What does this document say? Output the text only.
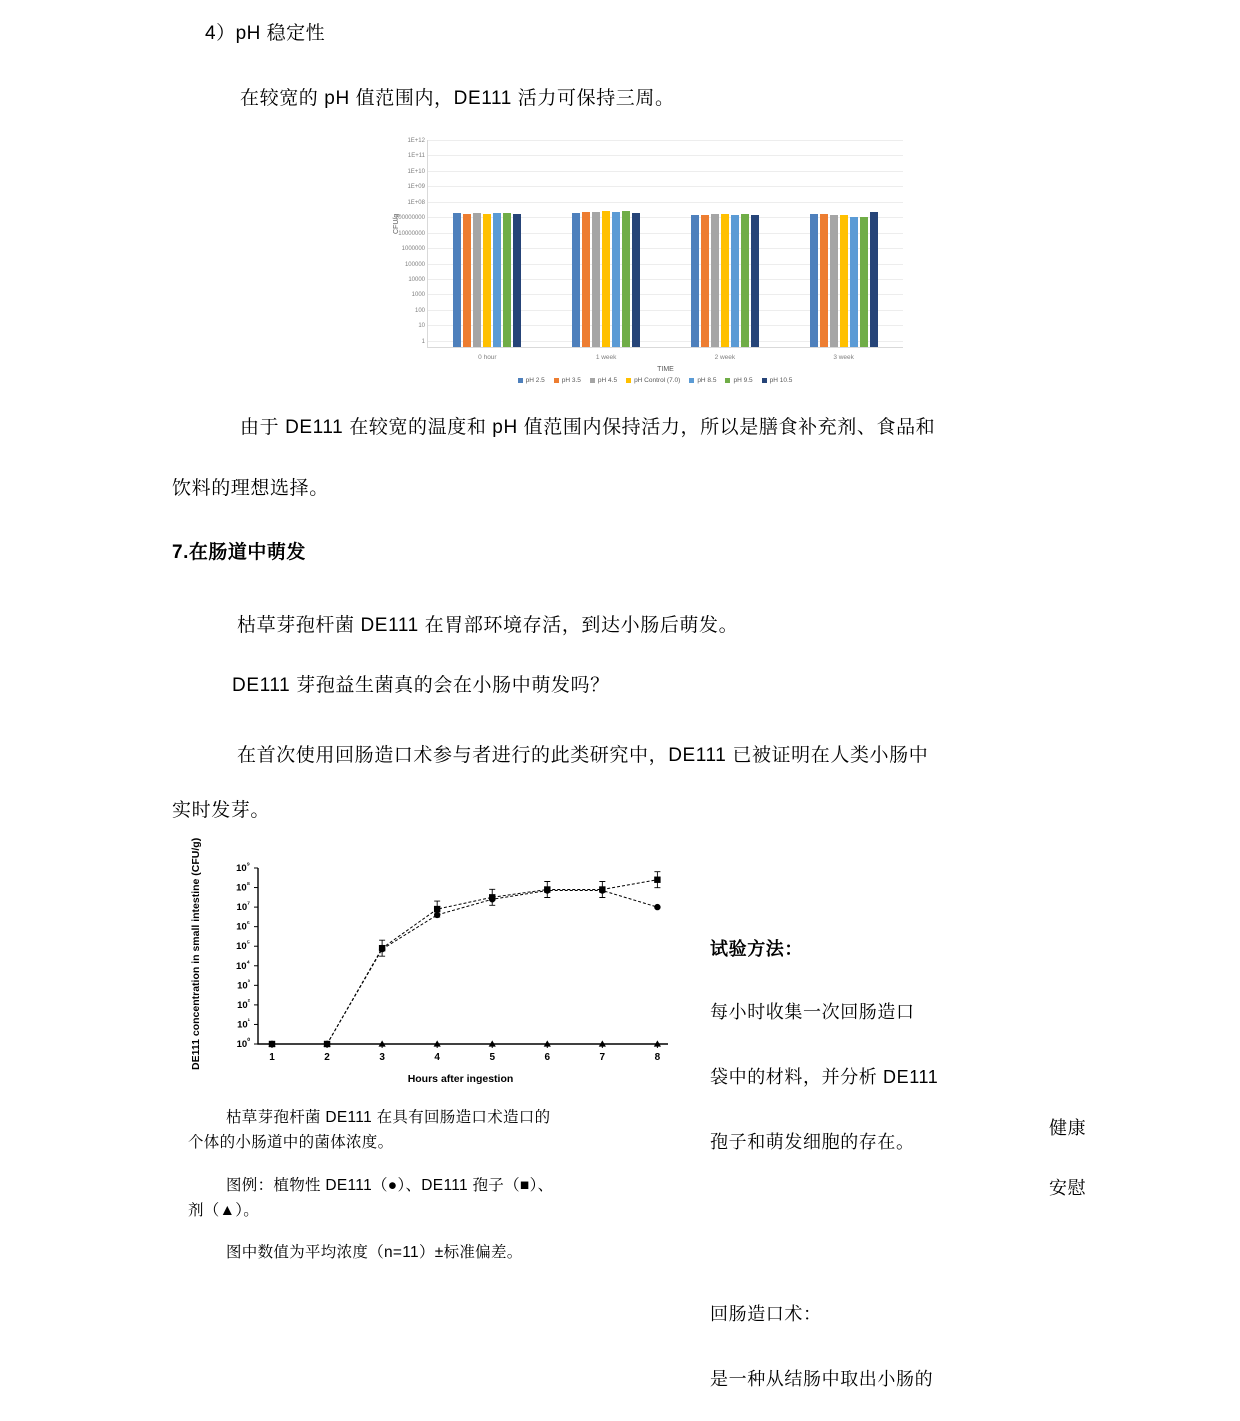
4）pH 稳定性
在较宽的 pH 值范围内，DE111 活力可保持三周。
CFU/g
TIME
1E+12
1E+11
1E+10
1E+09
1E+08
100000000
10000000
1000000
100000
10000
1000
100
10
1
0 hour	1 week	2 week	3 week
pH 2.5	pH 3.5	pH 4.5	pH Control (7.0)	pH 8.5	pH 9.5	pH 10.5
由于 DE111 在较宽的温度和 pH 值范围内保持活力，所以是膳食补充剂、食品和
饮料的理想选择。
7.在肠道中萌发
枯草芽孢杆菌 DE111 在胃部环境存活，到达小肠后萌发。
DE111 芽孢益生菌真的会在小肠中萌发吗？
在首次使用回肠造口术参与者进行的此类研究中，DE111 已被证明在人类小肠中
实时发芽。
DE111 concentration in small intestine (CFU/g)	$10^{^0}$
$10^{^1}$
$10^{^2}$
$10^{^3}$
$10^{^4}$
$10^{^5}$
$10^{^6}$
$10^{^7}$
$10^{^8}$
$10^{^9}$
1	2	3	4	5	6	7	8
Hours after ingestion
枯草芽孢杆菌 DE111 在具有回肠造口术造口的
个体的小肠道中的菌体浓度。
图例：植物性 DE111（●）、DE111 孢子（■）、
剂（▲）。
图中数值为平均浓度（n=11）±标准偏差。
试验方法：
每小时收集一次回肠造口
袋中的材料，并分析 DE111
孢子和萌发细胞的存在。
健康
安慰
回肠造口术：
是一种从结肠中取出小肠的
